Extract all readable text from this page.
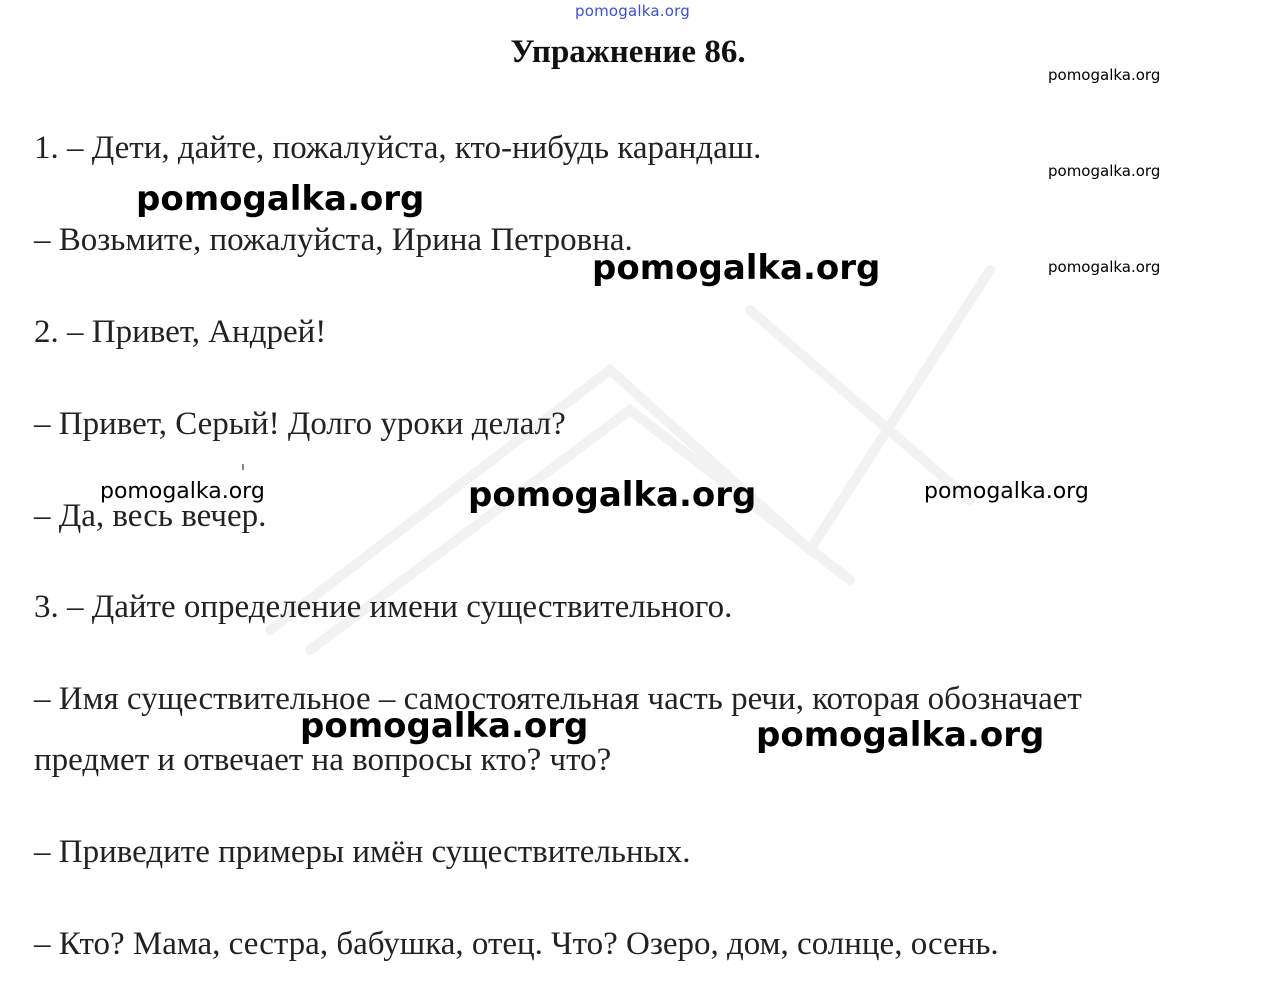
pomogalka.org
Упражнение 86.
1. – Дети, дайте, пожалуйста, кто-нибудь карандаш.
– Возьмите, пожалуйста, Ирина Петровна.
2. – Привет, Андрей!
– Привет, Серый! Долго уроки делал?
– Да, весь вечер.
3. – Дайте определение имени существительного.
– Имя существительное – самостоятельная часть речи, которая обозначает
предмет и отвечает на вопросы кто? что?
– Приведите примеры имён существительных.
– Кто? Мама, сестра, бабушка, отец. Что? Озеро, дом, солнце, осень.
pomogalka.org
pomogalka.org
pomogalka.org
pomogalka.org
pomogalka.org
pomogalka.org	pomogalka.org	pomogalka.org
pomogalka.org	pomogalka.org
